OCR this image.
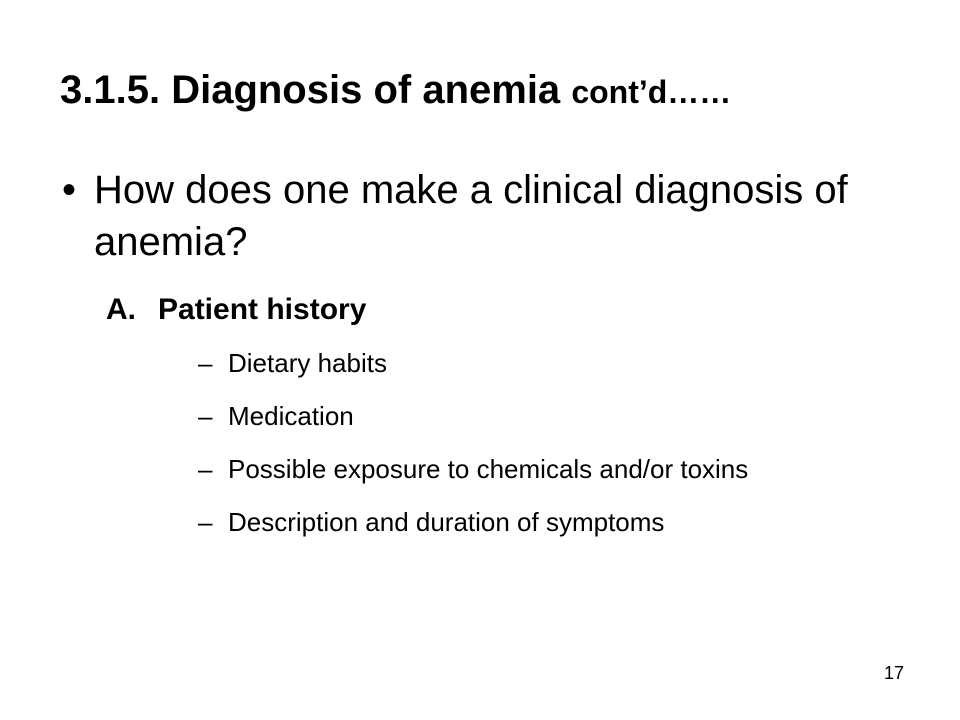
3.1.5. Diagnosis of anemia cont’d……
• How does one make a clinical diagnosis of anemia?
A. Patient history
– Dietary habits
– Medication
– Possible exposure to chemicals and/or toxins
– Description and duration of symptoms
17
